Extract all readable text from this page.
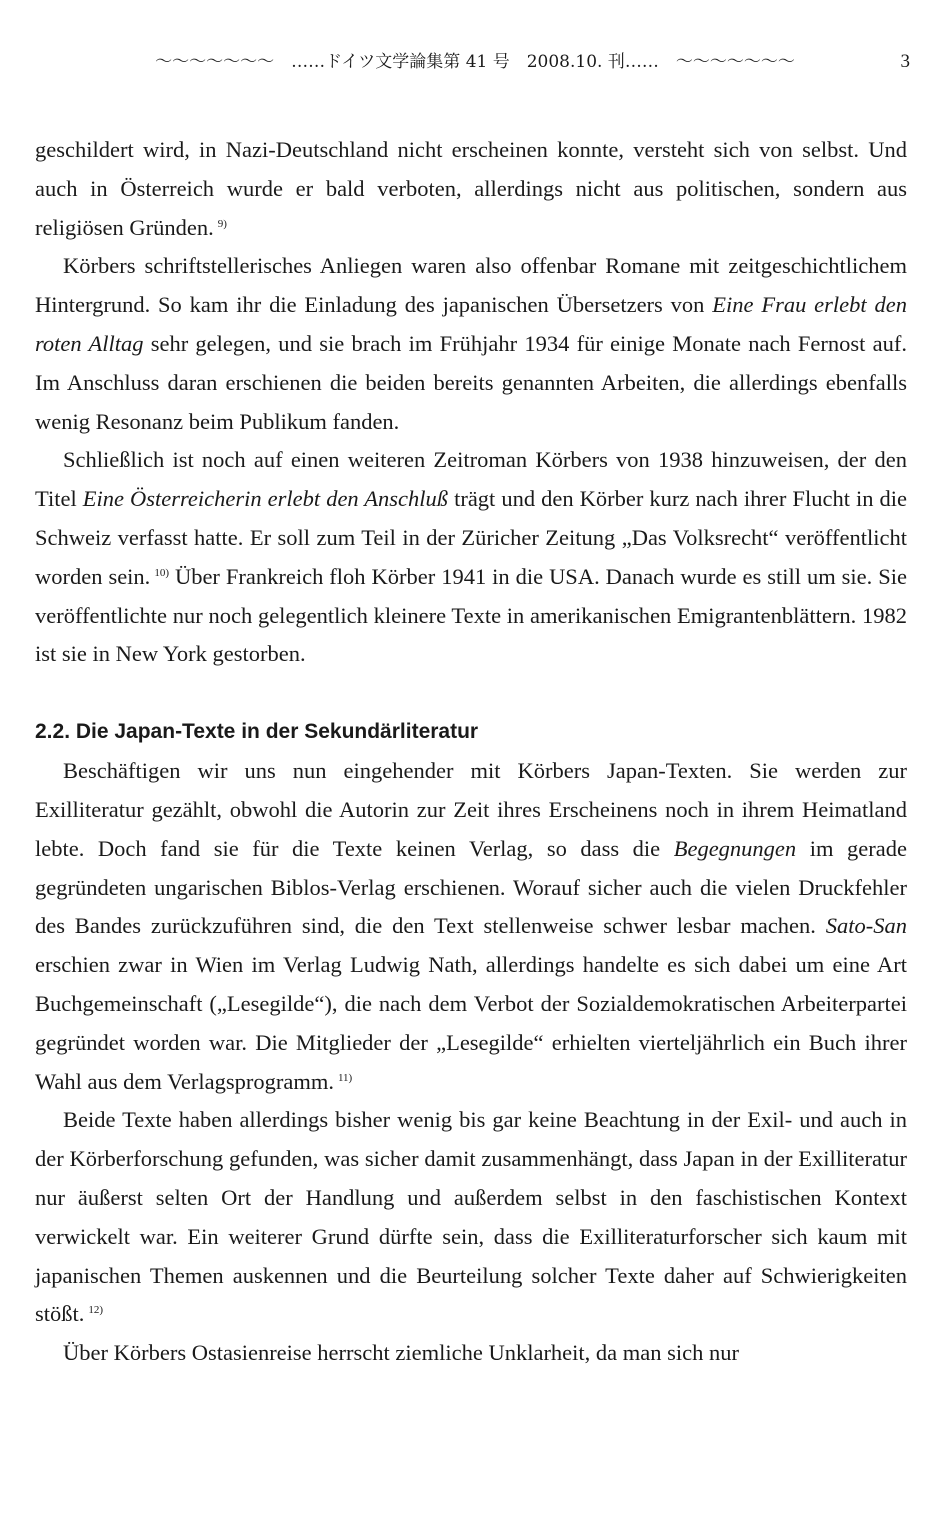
〜〜〜〜〜〜〜　……ドイツ文学論集第 41 号　2008.10. 刊……　〜〜〜〜〜〜〜	3

geschildert wird, in Nazi-Deutschland nicht erscheinen konnte, versteht sich von selbst. Und auch in Österreich wurde er bald verboten, allerdings nicht aus politischen, sondern aus religiösen Gründen. $^{9)}$

Körbers schriftstellerisches Anliegen waren also offenbar Romane mit zeitgeschichtlichem Hintergrund. So kam ihr die Einladung des japanischen Übersetzers von Eine Frau erlebt den roten Alltag sehr gelegen, und sie brach im Frühjahr 1934 für einige Monate nach Fernost auf. Im Anschluss daran erschienen die beiden bereits genannten Arbeiten, die allerdings ebenfalls wenig Resonanz beim Publikum fanden.

Schließlich ist noch auf einen weiteren Zeitroman Körbers von 1938 hinzuweisen, der den Titel Eine Österreicherin erlebt den Anschluß trägt und den Körber kurz nach ihrer Flucht in die Schweiz verfasst hatte. Er soll zum Teil in der Züricher Zeitung „Das Volksrecht“ veröffentlicht worden sein. $^{10)}$ Über Frankreich floh Körber 1941 in die USA. Danach wurde es still um sie. Sie veröffentlichte nur noch gelegentlich kleinere Texte in amerikanischen Emigrantenblättern. 1982 ist sie in New York gestorben.

2.2. Die Japan-Texte in der Sekundärliteratur

Beschäftigen wir uns nun eingehender mit Körbers Japan-Texten. Sie werden zur Exilliteratur gezählt, obwohl die Autorin zur Zeit ihres Erscheinens noch in ihrem Heimatland lebte. Doch fand sie für die Texte keinen Verlag, so dass die Begegnungen im gerade gegründeten ungarischen Biblos-Verlag erschienen. Worauf sicher auch die vielen Druckfehler des Bandes zurückzuführen sind, die den Text stellenweise schwer lesbar machen. Sato-San erschien zwar in Wien im Verlag Ludwig Nath, allerdings handelte es sich dabei um eine Art Buchgemeinschaft („Lesegilde“), die nach dem Verbot der Sozialdemokratischen Arbeiterpartei gegründet worden war. Die Mitglieder der „Lesegilde“ erhielten vierteljährlich ein Buch ihrer Wahl aus dem Verlagsprogramm. $^{11)}$

Beide Texte haben allerdings bisher wenig bis gar keine Beachtung in der Exil- und auch in der Körberforschung gefunden, was sicher damit zusammenhängt, dass Japan in der Exilliteratur nur äußerst selten Ort der Handlung und außerdem selbst in den faschistischen Kontext verwickelt war. Ein weiterer Grund dürfte sein, dass die Exilliteraturforscher sich kaum mit japanischen Themen auskennen und die Beurteilung solcher Texte daher auf Schwierigkeiten stößt. $^{12)}$

Über Körbers Ostasienreise herrscht ziemliche Unklarheit, da man sich nur
